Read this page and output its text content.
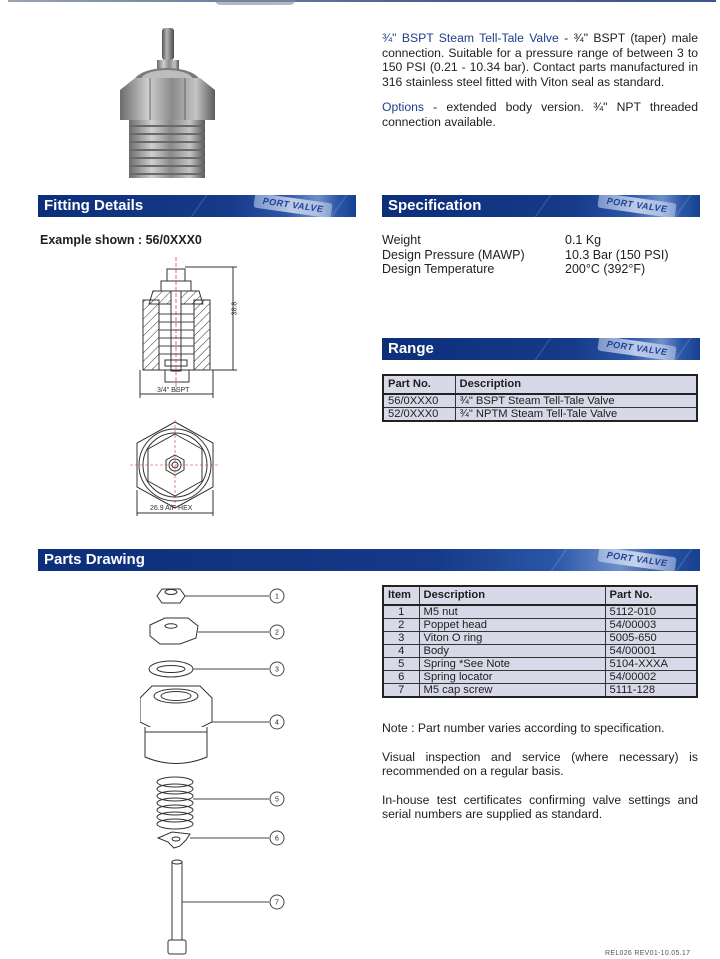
¾" BSPT Steam Tell-Tale Valve - ¾" BSPT (taper) male connection. Suitable for a pressure range of between 3 to 150 PSI (0.21 - 10.34 bar). Contact parts manufactured in 316 stainless steel fitted with Viton seal as standard.

Options - extended body version. ¾" NPT threaded connection available.

Fitting Details	PORT VALVE	Specification	PORT VALVE
Example shown : 56/0XXX0	Weight	0.1 Kg
Design Pressure (MAWP)	10.3 Bar (150 PSI)
Design Temperature	200°C (392°F)
38.8
3/4" BSPT
26.9 A/F HEX
Range	PORT VALVE
Part No.	Description
56/0XXX0	¾" BSPT Steam Tell-Tale Valve
52/0XXX0	¾" NPTM Steam Tell-Tale Valve
Parts Drawing	PORT VALVE
1
2
3
4
5
6
7
Item	Description	Part No.
1	M5 nut	5112-010
2	Poppet head	54/00003
3	Viton O ring	5005-650
4	Body	54/00001
5	Spring *See Note	5104-XXXA
6	Spring locator	54/00002
7	M5 cap screw	5111-128

Note : Part number varies according to specification.

Visual inspection and service (where necessary) is recommended on a regular basis.

In-house test certificates confirming valve settings and serial numbers are supplied as standard.

REL026 REV01-10.05.17
